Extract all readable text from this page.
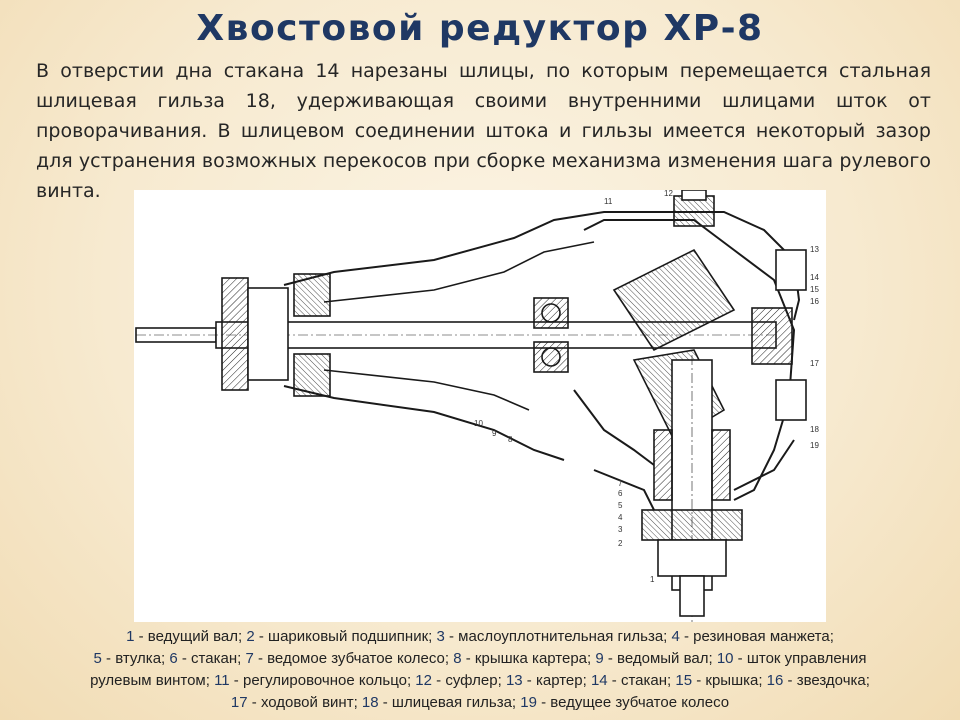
Хвостовой редуктор ХР-8
В отверстии дна стакана 14 нарезаны шлицы, по которым перемещается стальная шлицевая гильза 18, удерживающая своими внутренними шлицами шток от проворачивания. В шлицевом соединении штока и гильзы имеется некоторый зазор для устранения возможных перекосов при сборке механизма изменения шага рулевого винта.	11
12
13
14
15
16
17
18
19
10
9
8
7
6
5
4
3
2
1
1 - ведущий вал; 2 - шариковый подшипник; 3 - маслоуплотнительная гильза; 4 - резиновая манжета;
5 - втулка; 6 - стакан; 7 - ведомое зубчатое колесо; 8 - крышка картера; 9 - ведомый вал; 10 - шток управления
рулевым винтом; 11 - регулировочное кольцо; 12 - суфлер; 13 - картер; 14 - стакан; 15 - крышка; 16 - звездочка;
17 - ходовой винт; 18 - шлицевая гильза; 19 - ведущее зубчатое колесо
